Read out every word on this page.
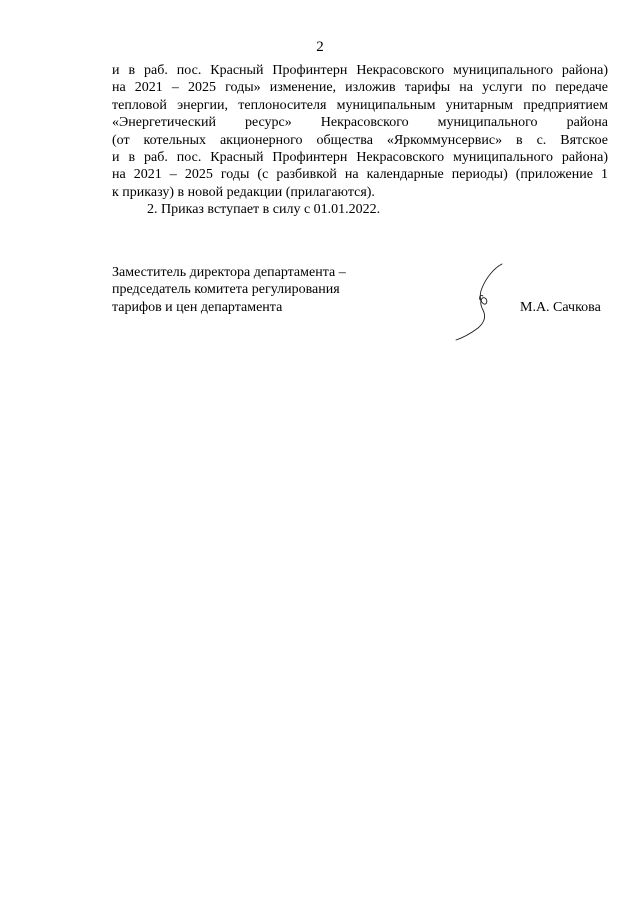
2
и в раб. пос. Красный Профинтерн Некрасовского муниципального района)
на 2021 – 2025 годы» изменение, изложив тарифы на услуги по передаче
тепловой энергии, теплоносителя муниципальным унитарным предприятием
«Энергетический ресурс» Некрасовского муниципального района
(от котельных акционерного общества «Яркоммунсервис» в с. Вятское
и в раб. пос. Красный Профинтерн Некрасовского муниципального района)
на 2021 – 2025 годы (с разбивкой на календарные периоды) (приложение 1
к приказу) в новой редакции (прилагаются).
2. Приказ вступает в силу с 01.01.2022.
Заместитель директора департамента –
председатель комитета регулирования
тарифов и цен департамента	М.А. Сачкова
